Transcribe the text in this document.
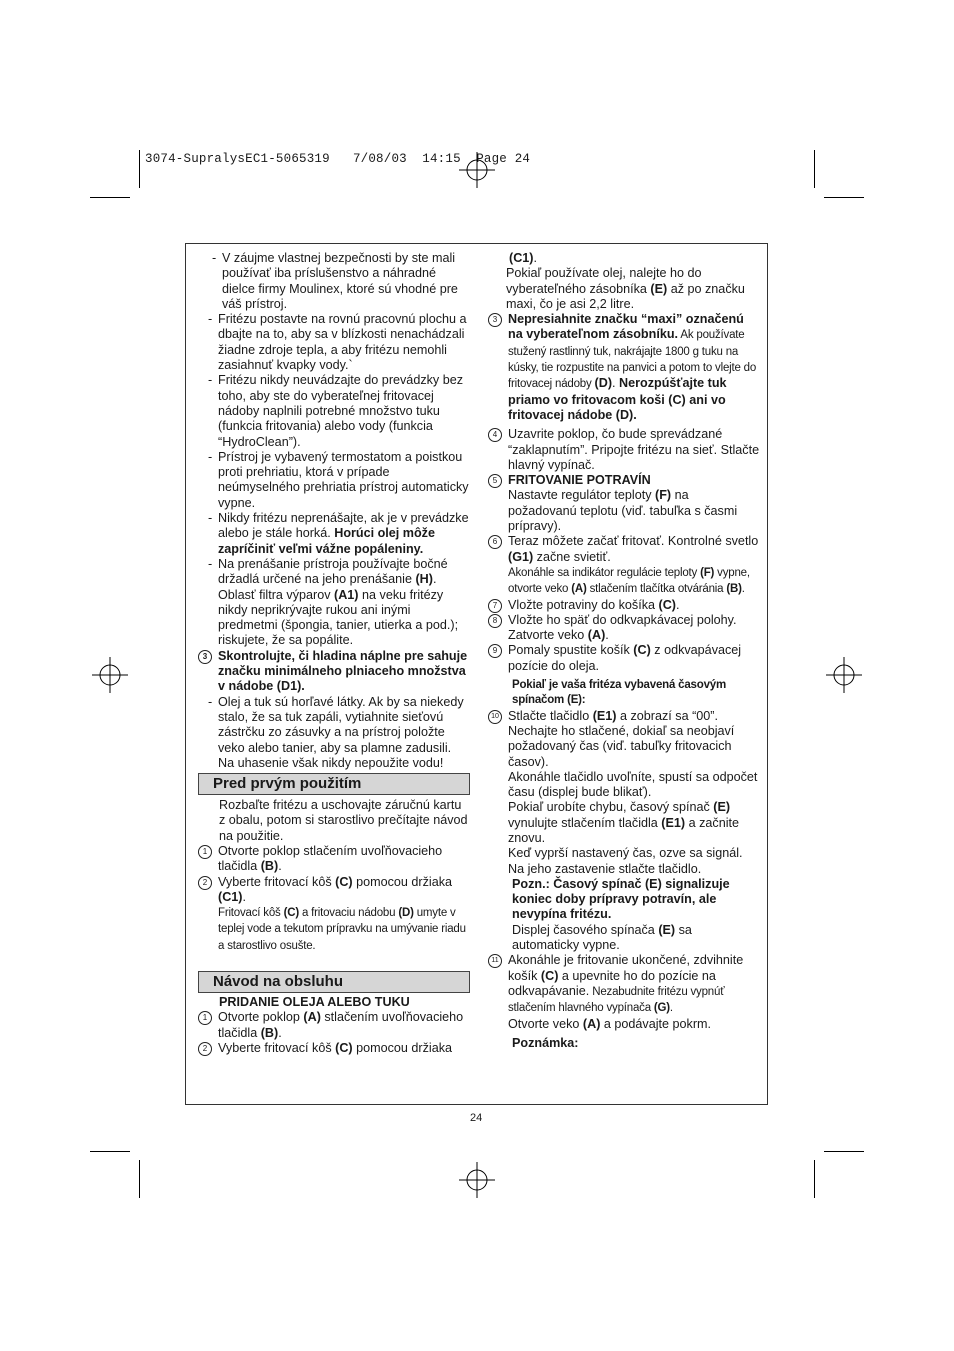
3074-SupralysEC1-5065319 7/08/03 14:15 Page 24

- V záujme vlastnej bezpečnosti by ste mali používať iba príslušenstvo a náhradné dielce firmy Moulinex, ktoré sú vhodné pre váš prístroj.

- Fritézu postavte na rovnú pracovnú plochu a dbajte na to, aby sa v blízkosti nenachádzali žiadne zdroje tepla, a aby fritézu nemohli zasiahnuť kvapky vody.`

- Fritézu nikdy neuvádzajte do prevádzky bez toho, aby ste do vyberateľnej fritovacej nádoby naplnili potrebné množstvo tuku (funkcia fritovania) alebo vody (funkcia “HydroClean”).

- Prístroj je vybavený termostatom a poistkou proti prehriatiu, ktorá v prípade neúmyselného prehriatia prístroj automaticky vypne.

- Nikdy fritézu neprenášajte, ak je v prevádzke alebo je stále horká. Horúci olej môže zapríčiniť veľmi vážne popáleniny.

- Na prenášanie prístroja používajte bočné držadlá určené na jeho prenášanie (H).
Oblasť filtra výparov (A1) na veku fritézy nikdy neprikrývajte rukou ani inými predmetmi (špongia, tanier, utierka a pod.); riskujete, že sa popálite.

3 Skontrolujte, či hladina náplne pre sahuje značku minimálneho plniaceho množstva v nádobe (D1).

- Olej a tuk sú horľavé látky. Ak by sa niekedy stalo, že sa tuk zapáli, vytiahnite sieťovú zástrčku zo zásuvky a na prístroj položte veko alebo tanier, aby sa plamne zadusili. Na uhasenie však nikdy nepoužite vodu!

Pred prvým použitím

Rozbaľte fritézu a uschovajte záručnú kartu z obalu, potom si starostlivo prečítajte návod na použitie.

1 Otvorte poklop stlačením uvoľňovacieho tlačidla (B).

2 Vyberte fritovací kôš (C) pomocou držiaka (C1).
Fritovací kôš (C) a fritovaciu nádobu (D) umyte v teplej vode a tekutom prípravku na umývanie riadu a starostlivo osušte.

Návod na obsluhu

PRIDANIE OLEJA ALEBO TUKU

1 Otvorte poklop (A) stlačením uvoľňovacieho tlačidla (B).

2 Vyberte fritovací kôš (C) pomocou držiaka

(C1).

Pokiaľ používate olej, nalejte ho do vyberateľného zásobníka (E) až po značku maxi, čo je asi 2,2 litre.

3 Nepresiahnite značku “maxi” označenú na vyberateľnom zásobníku. Ak používate stužený rastlinný tuk, nakrájajte 1800 g tuku na kúsky, tie rozpustite na panvici a potom to vlejte do fritovacej nádoby (D). Nerozpúšťajte tuk priamo vo fritovacom koši (C) ani vo fritovacej nádobe (D).

4 Uzavrite poklop, čo bude sprevádzané “zaklapnutím”. Pripojte fritézu na sieť. Stlačte hlavný vypínač.

5 FRITOVANIE POTRAVÍN
Nastavte regulátor teploty (F) na požadovanú teplotu (viď. tabuľka s časmi prípravy).

6 Teraz môžete začať fritovať. Kontrolné svetlo (G1) začne svietiť.
Akonáhle sa indikátor regulácie teploty (F) vypne, otvorte veko (A) stlačením tlačítka otváránia (B).

7 Vložte potraviny do košíka (C).

8 Vložte ho späť do odkvapkávacej polohy. Zatvorte veko (A).

9 Pomaly spustite košík (C) z odkvapávacej pozície do oleja.

Pokiaľ je vaša fritéza vybavená časovým spínačom (E):

10 Stlačte tlačidlo (E1) a zobrazí sa “00”.
Nechajte ho stlačené, dokiaľ sa neobjaví požadovaný čas (viď. tabuľky fritovacich časov).
Akonáhle tlačidlo uvoľníte, spustí sa odpočet času (displej bude blikať).
Pokiaľ urobíte chybu, časový spínač (E) vynulujte stlačením tlačidla (E1) a začnite znovu.
Keď vyprší nastavený čas, ozve sa signál. Na jeho zastavenie stlačte tlačidlo.

Pozn.: Časový spínač (E) signalizuje koniec doby prípravy potravín, ale nevypína fritézu.

Displej časového spínača (E) sa automaticky vypne.

11 Akonáhle je fritovanie ukončené, zdvihnite košík (C) a upevnite ho do pozície na odkvapávanie. Nezabudnite fritézu vypnúť stlačením hlavného vypínača (G).
Otvorte veko (A) a podávajte pokrm.

Poznámka:

24
